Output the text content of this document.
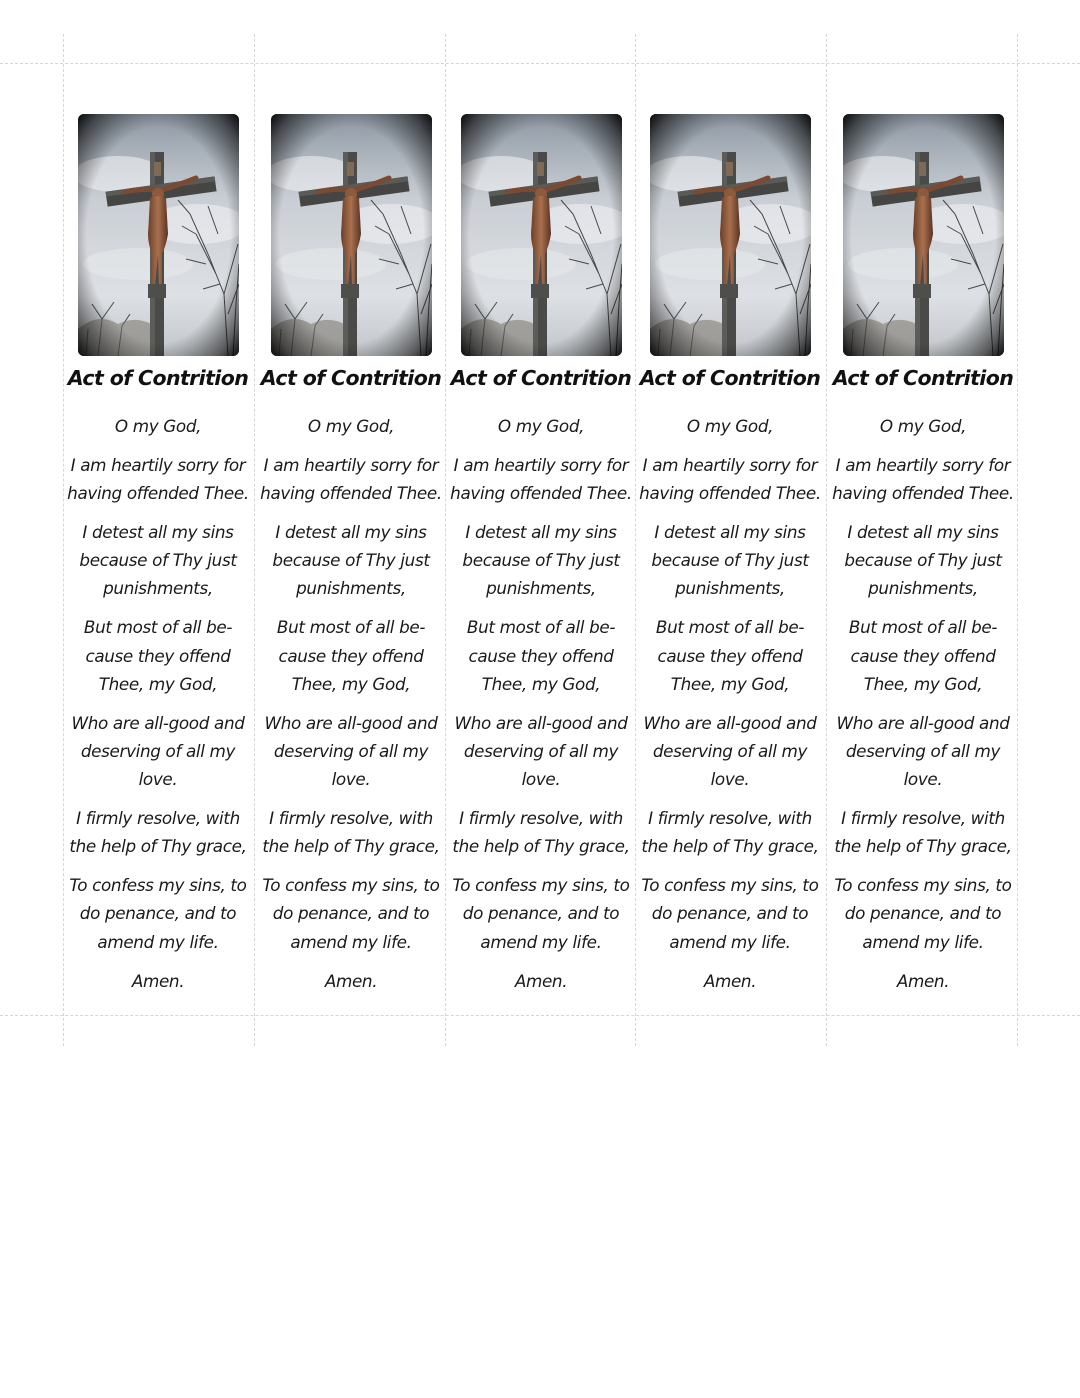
Act of Contrition
O my God,
I am heartily sorry for
having offended Thee.
I detest all my sins
because of Thy just
punishments,
But most of all be-
cause they offend
Thee, my God,
Who are all-good and
deserving of all my
love.
I firmly resolve, with
the help of Thy grace,
To confess my sins, to
do penance, and to
amend my life.
Amen.
Act of Contrition
O my God,
I am heartily sorry for
having offended Thee.
I detest all my sins
because of Thy just
punishments,
But most of all be-
cause they offend
Thee, my God,
Who are all-good and
deserving of all my
love.
I firmly resolve, with
the help of Thy grace,
To confess my sins, to
do penance, and to
amend my life.
Amen.
Act of Contrition
O my God,
I am heartily sorry for
having offended Thee.
I detest all my sins
because of Thy just
punishments,
But most of all be-
cause they offend
Thee, my God,
Who are all-good and
deserving of all my
love.
I firmly resolve, with
the help of Thy grace,
To confess my sins, to
do penance, and to
amend my life.
Amen.
Act of Contrition
O my God,
I am heartily sorry for
having offended Thee.
I detest all my sins
because of Thy just
punishments,
But most of all be-
cause they offend
Thee, my God,
Who are all-good and
deserving of all my
love.
I firmly resolve, with
the help of Thy grace,
To confess my sins, to
do penance, and to
amend my life.
Amen.
Act of Contrition
O my God,
I am heartily sorry for
having offended Thee.
I detest all my sins
because of Thy just
punishments,
But most of all be-
cause they offend
Thee, my God,
Who are all-good and
deserving of all my
love.
I firmly resolve, with
the help of Thy grace,
To confess my sins, to
do penance, and to
amend my life.
Amen.
